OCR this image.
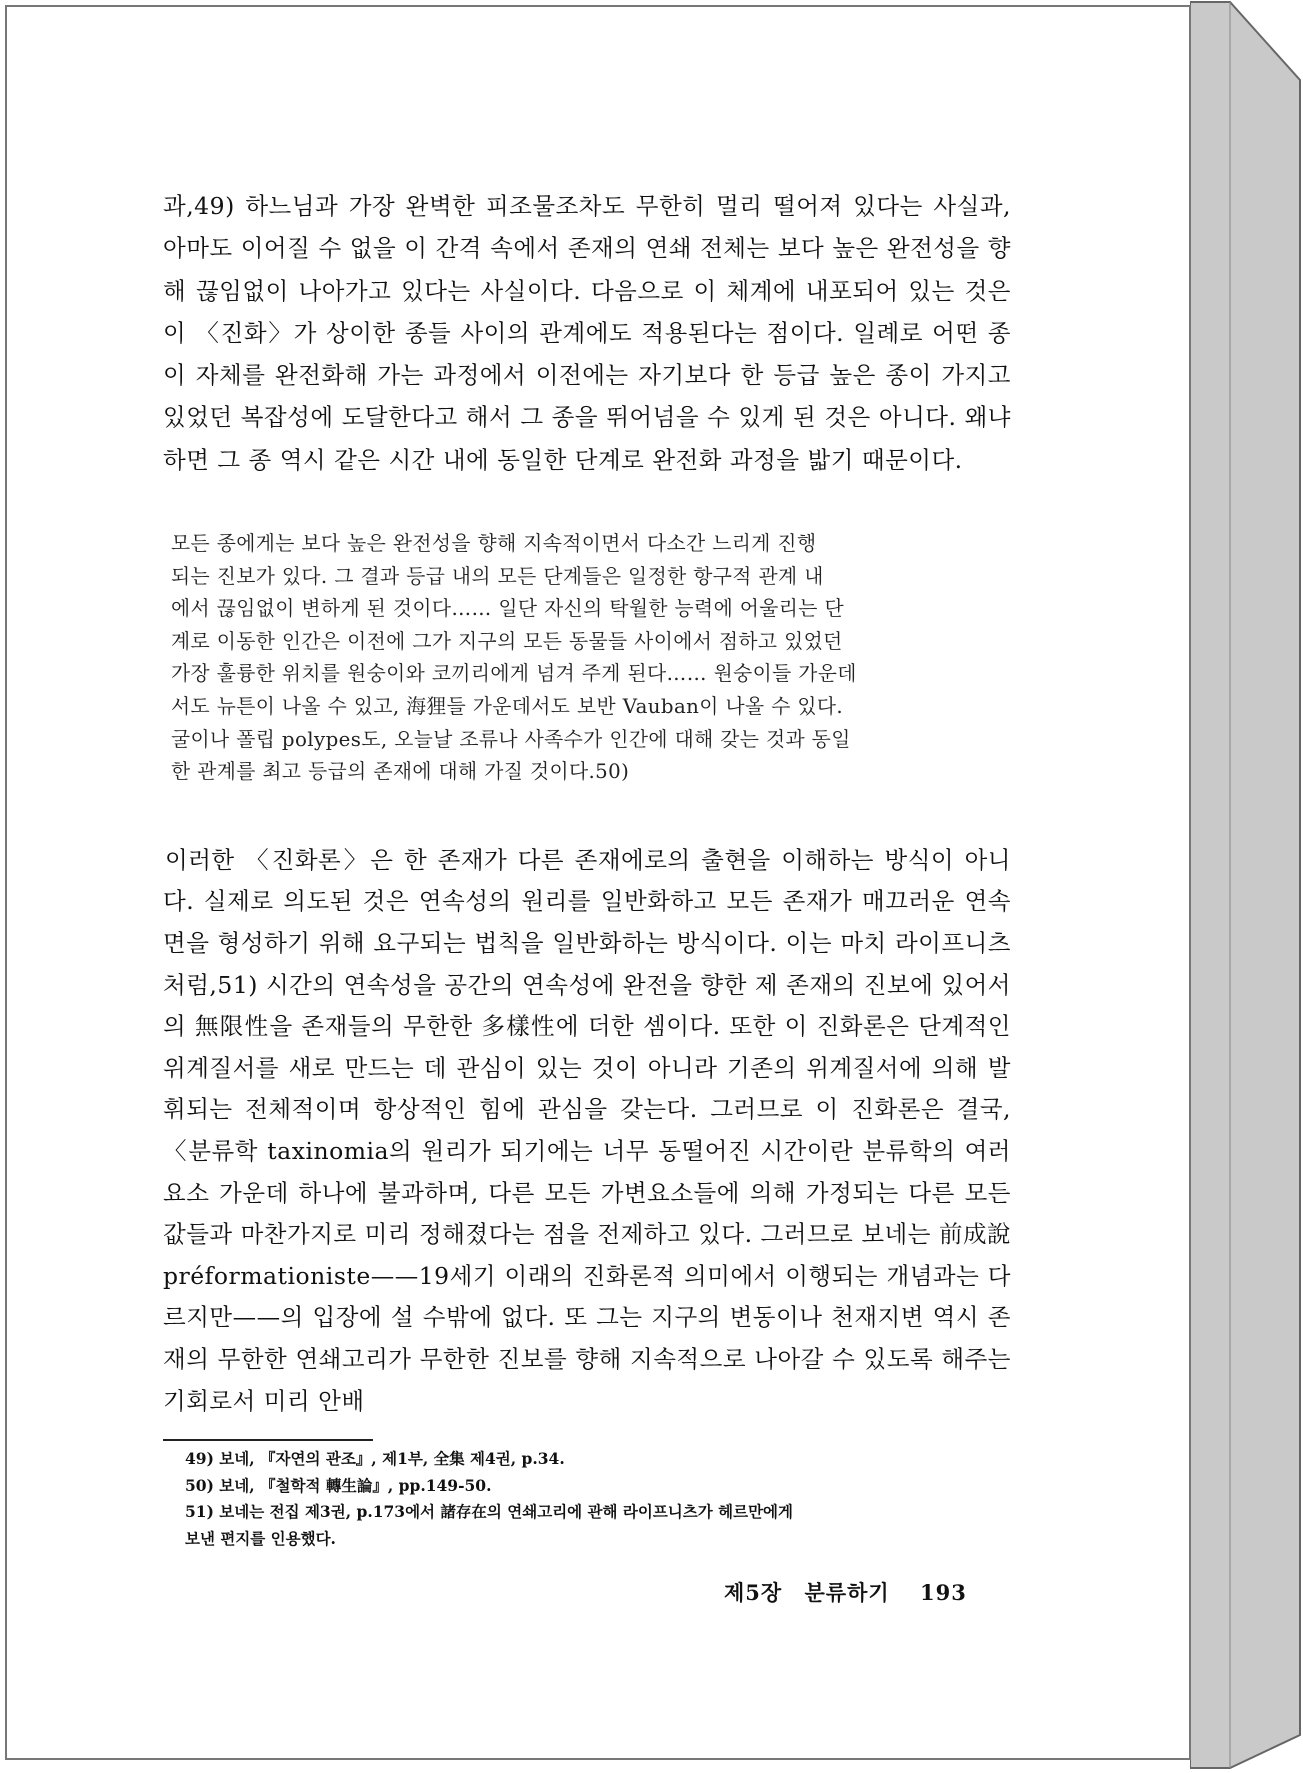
과,49) 하느님과 가장 완벽한 피조물조차도 무한히 멀리 떨어져 있다는 사실과, 아마도 이어질 수 없을 이 간격 속에서 존재의 연쇄 전체는 보다 높은 완전성을 향해 끊임없이 나아가고 있다는 사실이다. 다음으로 이 체계에 내포되어 있는 것은 이 〈진화〉가 상이한 종들 사이의 관계에도 적용된다는 점이다. 일례로 어떤 종이 자체를 완전화해 가는 과정에서 이전에는 자기보다 한 등급 높은 종이 가지고 있었던 복잡성에 도달한다고 해서 그 종을 뛰어넘을 수 있게 된 것은 아니다. 왜냐하면 그 종 역시 같은 시간 내에 동일한 단계로 완전화 과정을 밟기 때문이다.

모든 종에게는 보다 높은 완전성을 향해 지속적이면서 다소간 느리게 진행
되는 진보가 있다. 그 결과 등급 내의 모든 단계들은 일정한 항구적 관계 내
에서 끊임없이 변하게 된 것이다…… 일단 자신의 탁월한 능력에 어울리는 단
계로 이동한 인간은 이전에 그가 지구의 모든 동물들 사이에서 점하고 있었던
가장 훌륭한 위치를 원숭이와 코끼리에게 넘겨 주게 된다…… 원숭이들 가운데
서도 뉴튼이 나올 수 있고, 海狸들 가운데서도 보반 Vauban이 나올 수 있다.
굴이나 폴립 polypes도, 오늘날 조류나 사족수가 인간에 대해 갖는 것과 동일
한 관계를 최고 등급의 존재에 대해 가질 것이다.50)

이러한 〈진화론〉은 한 존재가 다른 존재에로의 출현을 이해하는 방식이 아니다. 실제로 의도된 것은 연속성의 원리를 일반화하고 모든 존재가 매끄러운 연속면을 형성하기 위해 요구되는 법칙을 일반화하는 방식이다. 이는 마치 라이프니츠처럼,51) 시간의 연속성을 공간의 연속성에 완전을 향한 제 존재의 진보에 있어서의 無限性을 존재들의 무한한 多樣性에 더한 셈이다. 또한 이 진화론은 단계적인 위계질서를 새로 만드는 데 관심이 있는 것이 아니라 기존의 위계질서에 의해 발휘되는 전체적이며 항상적인 힘에 관심을 갖는다. 그러므로 이 진화론은 결국, 〈분류학 taxinomia의 원리가 되기에는 너무 동떨어진 시간이란 분류학의 여러 요소 가운데 하나에 불과하며, 다른 모든 가변요소들에 의해 가정되는 다른 모든 값들과 마찬가지로 미리 정해졌다는 점을 전제하고 있다. 그러므로 보네는 前成說 préformationiste——19세기 이래의 진화론적 의미에서 이행되는 개념과는 다르지만——의 입장에 설 수밖에 없다. 또 그는 지구의 변동이나 천재지변 역시 존재의 무한한 연쇄고리가 무한한 진보를 향해 지속적으로 나아갈 수 있도록 해주는 기회로서 미리 안배

49) 보네, 『자연의 관조』, 제1부, 全集 제4권, p.34.
50) 보네, 『철학적 轉生論』, pp.149-50.
51) 보네는 전집 제3권, p.173에서 諸存在의 연쇄고리에 관해 라이프니츠가 헤르만에게
보낸 편지를 인용했다.
제5장 분류하기 193
